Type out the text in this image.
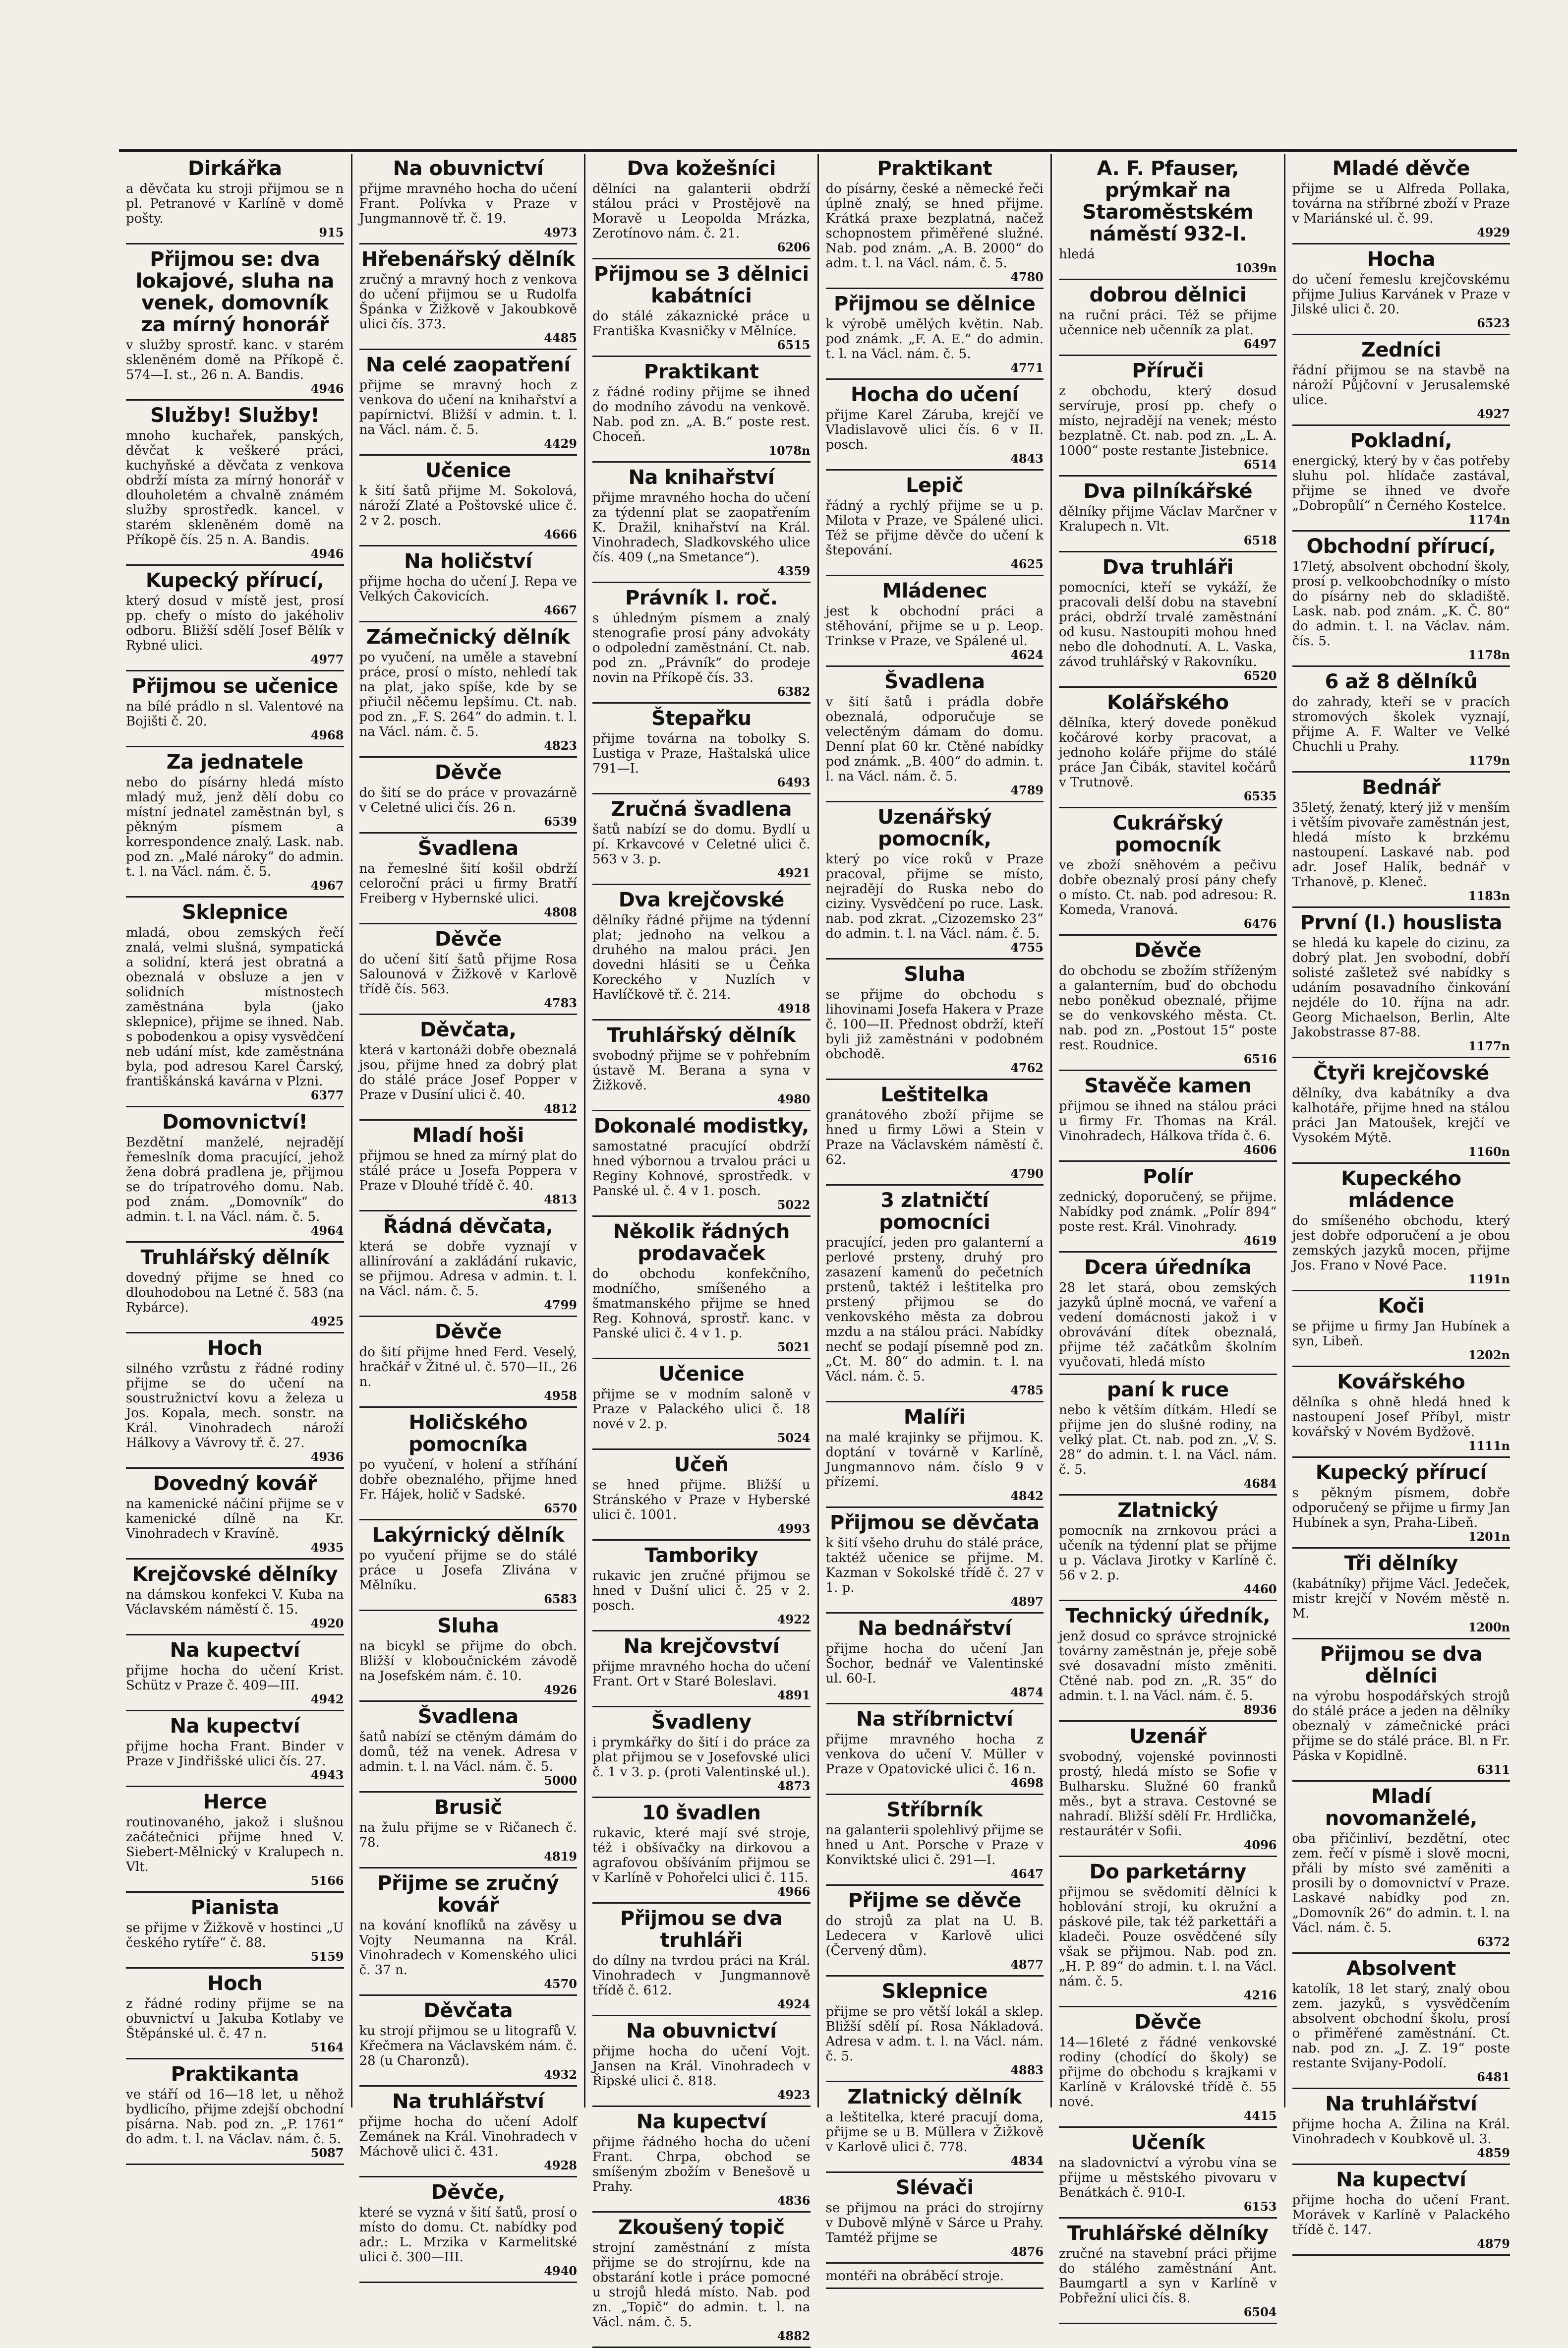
Dirkářka
a děvčata ku stroji přijmou se n pl. Petranové v Karlíně v domě pošty.
915
Přijmou se: dva lokajové, sluha na venek, domovník za mírný honorář
v služby sprostř. kanc. v starém skleněném domě na Příkopě č. 574—I. st., 26 n. A. Bandis.
4946
Služby! Služby!
mnoho kuchařek, panských, děvčat k veškeré práci, kuchyňské a děvčata z venkova obdrží místa za mírný honorář v dlouholetém a chvalně známém služby sprostředk. kancel. v starém skleněném domě na Příkopě čís. 25 n. A. Bandis.
4946
Kupecký přírucí,
který dosud v místě jest, prosí pp. chefy o místo do jakéholiv odboru. Bližší sdělí Josef Bělík v Rybné ulici.
4977
Přijmou se učenice
na bílé prádlo n sl. Valentové na Bojišti č. 20.
4968
Za jednatele
nebo do písárny hledá místo mladý muž, jenž dělí dobu co místní jednatel zaměstnán byl, s pěkným písmem a korrespondence znalý. Lask. nab. pod zn. „Malé nároky“ do admin. t. l. na Václ. nám. č. 5.
4967
Sklepnice
mladá, obou zemských řečí znalá, velmi slušná, sympatická a solidní, která jest obratná a obeznalá v obsluze a jen v solidních místnostech zaměstnána byla (jako sklepnice), přijme se ihned. Nab. s pobodenkou a opisy vysvědčení neb udání míst, kde zaměstnána byla, pod adresou Karel Čarský, františkánská kavárna v Plzni.
6377
Domovnictví!
Bezdětní manželé, nejradějí řemeslník doma pracující, jehož žena dobrá pradlena je, přijmou se do trípatrového domu. Nab. pod znám. „Domovník“ do admin. t. l. na Václ. nám. č. 5.
4964
Truhlářský dělník
dovedný přijme se hned co dlouhodobou na Letné č. 583 (na Rybárce).
4925
Hoch
silného vzrůstu z řádné rodiny přijme se do učení na soustružnictví kovu a železa u Jos. Kopala, mech. sonstr. na Král. Vinohradech nároží Hálkovy a Vávrovy tř. č. 27.
4936
Dovedný kovář
na kamenické náčiní přijme se v kamenické dílně na Kr. Vinohradech v Kravíně.
4935
Krejčovské dělníky
na dámskou konfekci V. Kuba na Václavském náměstí č. 15.
4920
Na kupectví
přijme hocha do učení Krist. Schütz v Praze č. 409—III.
4942
Na kupectví
přijme hocha Frant. Binder v Praze v Jindřišské ulici čís. 27.
4943
Herce
routinovaného, jakož i slušnou začátečnici přijme hned V. Siebert-Mělnický v Kralupech n. Vlt.
5166
Pianista
se přijme v Žižkově v hostinci „U českého rytíře“ č. 88.
5159
Hoch
z řádné rodiny přijme se na obuvnictví u Jakuba Kotlaby ve Štěpánské ul. č. 47 n.
5164
Praktikanta
ve stáří od 16—18 let, u něhož bydlicího, přijme zdejší obchodní písárna. Nab. pod zn. „P. 1761“ do adm. t. l. na Václav. nám. č. 5.
5087
Na obuvnictví
přijme mravného hocha do učení Frant. Polívka v Praze v Jungmannově tř. č. 19.
4973
Hřebenářský dělník
zručný a mravný hoch z venkova do učení přijmou se u Rudolfa Špánka v Žižkově v Jakoubkově ulici čís. 373.
4485
Na celé zaopatření
přijme se mravný hoch z venkova do učení na knihařství a papírnictví. Bližší v admin. t. l. na Václ. nám. č. 5.
4429
Učenice
k šití šatů přijme M. Sokolová, nároží Zlaté a Poštovské ulice č. 2 v 2. posch.
4666
Na holičství
přijme hocha do učení J. Repa ve Velkých Čakovicích.
4667
Zámečnický dělník
po vyučení, na uměle a stavební práce, prosí o místo, nehledí tak na plat, jako spíše, kde by se přiučil něčemu lepšímu. Ct. nab. pod zn. „F. S. 264“ do admin. t. l. na Václ. nám. č. 5.
4823
Děvče
do šití se do práce v provazárně v Celetné ulici čís. 26 n.
6539
Švadlena
na řemeslné šití košil obdrží celoroční práci u firmy Bratří Freiberg v Hybernské ulici.
4808
Děvče
do učení šití šatů přijme Rosa Salounová v Žižkově v Karlově třídě čís. 563.
4783
Děvčata,
která v kartonáži dobře obeznalá jsou, přijme hned za dobrý plat do stálé práce Josef Popper v Praze v Dusíní ulici č. 40.
4812
Mladí hoši
přijmou se hned za mírný plat do stálé práce u Josefa Poppera v Praze v Dlouhé třídě č. 40.
4813
Řádná děvčata,
která se dobře vyznají v allinírování a zakládání rukavic, se přijmou. Adresa v admin. t. l. na Václ. nám. č. 5.
4799
Děvče
do šití přijme hned Ferd. Veselý, hračkář v Žitné ul. č. 570—II., 26 n.
4958
Holičského pomocníka
po vyučení, v holení a stříhání dobře obeznalého, přijme hned Fr. Hájek, holič v Sadské.
6570
Lakýrnický dělník
po vyučení přijme se do stálé práce u Josefa Zlivána v Mělníku.
6583
Sluha
na bicykl se přijme do obch. Bližší v kloboučnickém závodě na Josefském nám. č. 10.
4926
Švadlena
šatů nabízí se ctěným dámám do domů, též na venek. Adresa v admin. t. l. na Václ. nám. č. 5.
5000
Brusič
na žulu přijme se v Ričanech č. 78.
4819
Přijme se zručný kovář
na kování knoflíků na závěsy u Vojty Neumanna na Král. Vinohradech v Komenského ulici č. 37 n.
4570
Děvčata
ku strojí přijmou se u litografů V. Křečmera na Václavském nám. č. 28 (u Charonzů).
4932
Na truhlářství
přijme hocha do učení Adolf Zemánek na Král. Vinohradech v Máchově ulici č. 431.
4928
Děvče,
které se vyzná v šití šatů, prosí o místo do domu. Ct. nabídky pod adr.: L. Mrzika v Karmelitské ulici č. 300—III.
4940
Dva kožešníci
dělníci na galanterii obdrží stálou práci v Prostějově na Moravě u Leopolda Mrázka, Zerotínovo nám. č. 21.
6206
Přijmou se 3 dělnici kabátníci
do stálé zákaznické práce u Františka Kvasničky v Mělníce.
6515
Praktikant
z řádné rodiny přijme se ihned do modního závodu na venkově. Nab. pod zn. „A. B.“ poste rest. Choceň.
1078n
Na knihařství
přijme mravného hocha do učení za týdenní plat se zaopatřením K. Dražil, knihařství na Král. Vinohradech, Sladkovského ulice čís. 409 („na Smetance“).
4359
Právník I. roč.
s úhledným písmem a znalý stenografie prosí pány advokáty o odpolední zaměstnání. Ct. nab. pod zn. „Právník“ do prodeje novin na Příkopě čís. 33.
6382
Štepařku
přijme továrna na tobolky S. Lustiga v Praze, Haštalská ulice 791—I.
6493
Zručná švadlena
šatů nabízí se do domu. Bydlí u pí. Krkavcové v Celetné ulici č. 563 v 3. p.
4921
Dva krejčovské
dělníky řádné přijme na týdenní plat; jednoho na velkou a druhého na malou práci. Jen dovedni hlásiti se u Čeňka Koreckého v Nuzlích v Havlíčkově tř. č. 214.
4918
Truhlářský dělník
svobodný přijme se v pohřebním ústavě M. Berana a syna v Žižkově.
4980
Dokonalé modistky,
samostatné pracující obdrží hned výbornou a trvalou práci u Reginy Kohnové, sprostředk. v Panské ul. č. 4 v 1. posch.
5022
Několik řádných prodavaček
do obchodu konfekčního, modníčho, smíšeného a šmatmanského přijme se hned Reg. Kohnová, sprostř. kanc. v Panské ulici č. 4 v 1. p.
5021
Učenice
přijme se v modním saloně v Praze v Palackého ulici č. 18 nové v 2. p.
5024
Učeň
se hned přijme. Bližší u Stránského v Praze v Hyberské ulici č. 1001.
4993
Tamboriky
rukavic jen zručné přijmou se hned v Dušní ulici č. 25 v 2. posch.
4922
Na krejčovství
přijme mravného hocha do učení Frant. Ort v Staré Boleslavi.
4891
Švadleny
i prymkářky do šití i do práce za plat přijmou se v Josefovské ulici č. 1 v 3. p. (proti Valentinské ul.).
4873
10 švadlen
rukavic, které mají své stroje, též i obšívačky na dirkovou a agrafovou obšíváním přijmou se v Karlíně v Pohořelci ulici č. 115.
4966
Přijmou se dva truhláři
do dílny na tvrdou práci na Král. Vinohradech v Jungmannově třídě č. 612.
4924
Na obuvnictví
přijme hocha do učení Vojt. Jansen na Král. Vinohradech v Řipské ulici č. 818.
4923
Na kupectví
přijme řádného hocha do učení Frant. Chrpa, obchod se smíšeným zbožím v Benešově u Prahy.
4836
Zkoušený topič
strojní zaměstnání z místa přijme se do strojírnu, kde na obstarání kotle i práce pomocné u strojů hledá místo. Nab. pod zn. „Topič“ do admin. t. l. na Václ. nám. č. 5.
4882
Praktikant
do písárny, české a německé řeči úplně znalý, se hned přijme. Krátká praxe bezplatná, načež schopnostem přiměřené služné. Nab. pod znám. „A. B. 2000“ do adm. t. l. na Václ. nám. č. 5.
4780
Přijmou se dělnice
k výrobě umělých květin. Nab. pod známk. „F. A. E.“ do admin. t. l. na Václ. nám. č. 5.
4771
Hocha do učení
přijme Karel Záruba, krejčí ve Vladislavově ulici čís. 6 v II. posch.
4843
Lepič
řádný a rychlý přijme se u p. Milota v Praze, ve Spálené ulici. Též se přijme děvče do učení k štepování.
4625
Mládenec
jest k obchodní práci a stěhování, přijme se u p. Leop. Trinkse v Praze, ve Spálené ul.
4624
Švadlena
v šití šatů i prádla dobře obeznalá, odporučuje se velectěným dámam do domu. Denní plat 60 kr. Ctěné nabídky pod známk. „B. 400“ do admin. t. l. na Václ. nám. č. 5.
4789
Uzenářský pomocník,
který po více roků v Praze pracoval, přijme se místo, nejradějí do Ruska nebo do ciziny. Vysvědčení po ruce. Lask. nab. pod zkrat. „Cizozemsko 23“ do admin. t. l. na Václ. nám. č. 5.
4755
Sluha
se přijme do obchodu s lihovinami Josefa Hakera v Praze č. 100—II. Přednost obdrží, kteří byli již zaměstnáni v podobném obchodě.
4762
Leštitelka
granátového zboží přijme se hned u firmy Löwi a Stein v Praze na Václavském náměstí č. 62.
4790
3 zlatničtí pomocníci
pracující, jeden pro galanterní a perlové prsteny, druhý pro zasazení kamenů do pečetních prstenů, taktéž i leštitelka pro prstený přijmou se do venkovského města za dobrou mzdu a na stálou práci. Nabídky nechť se podají písemně pod zn. „Ct. M. 80“ do admin. t. l. na Václ. nám. č. 5.
4785
Malíři
na malé krajinky se přijmou. K. doptání v továrně v Karlíně, Jungmannovo nám. číslo 9 v přízemí.
4842
Přijmou se děvčata
k šití všeho druhu do stálé práce, taktéž učenice se přijme. M. Kazman v Sokolské třídě č. 27 v 1. p.
4897
Na bednářství
přijme hocha do učení Jan Šochor, bednář ve Valentinské ul. 60-I.
4874
Na stříbrnictví
přijme mravného hocha z venkova do učení V. Müller v Praze v Opatovické ulici č. 16 n.
4698
Stříbrník
na galanterii spolehlivý přijme se hned u Ant. Porsche v Praze v Konviktské ulici č. 291—I.
4647
Přijme se děvče
do strojů za plat na U. B. Ledecera v Karlově ulici (Červený dům).
4877
Sklepnice
přijme se pro větší lokál a sklep. Bližší sdělí pí. Rosa Nákladová. Adresa v adm. t. l. na Václ. nám. č. 5.
4883
Zlatnický dělník
a leštitelka, které pracují doma, přijme se u B. Müllera v Žižkově v Karlově ulici č. 778.
4834
Slévači
se přijmou na práci do strojírny v Dubově mlýně v Sárce u Prahy. Tamtéž přijme se
4876
montéři na obráběcí stroje.
A. F. Pfauser, prýmkař na Staroměstském náměstí 932-I.
hledá
1039n
dobrou dělnici
na ruční práci. Též se přijme učennice neb učenník za plat.
6497
Příruči
z obchodu, který dosud servíruje, prosí pp. chefy o místo, nejradějí na venek; mésto bezplatně. Ct. nab. pod zn. „L. A. 1000“ poste restante Jistebnice.
6514
Dva pilníkářské
dělníky přijme Václav Marčner v Kralupech n. Vlt.
6518
Dva truhláři
pomocníci, kteří se vykáží, že pracovali delší dobu na stavební práci, obdrží trvalé zaměstnání od kusu. Nastoupiti mohou hned nebo dle dohodnutí. A. L. Vaska, závod truhlářský v Rakovníku.
6520
Kolářského
dělníka, který dovede poněkud kočárové korby pracovat, a jednoho koláře přijme do stálé práce Jan Čibák, stavitel kočárů v Trutnově.
6535
Cukrářský pomocník
ve zboží sněhovém a pečivu dobře obeznalý prosí pány chefy o místo. Ct. nab. pod adresou: R. Komeda, Vranová.
6476
Děvče
do obchodu se zbožím stříženým a galanterním, buď do obchodu nebo poněkud obeznalé, přijme se do venkovského města. Ct. nab. pod zn. „Postout 15“ poste rest. Roudnice.
6516
Stavěče kamen
přijmou se ihned na stálou práci u firmy Fr. Thomas na Král. Vinohradech, Hálkova třída č. 6.
4606
Polír
zednický, doporučený, se přijme. Nabídky pod známk. „Polír 894“ poste rest. Král. Vinohrady.
4619
Dcera úředníka
28 let stará, obou zemských jazyků úplně mocná, ve vaření a vedení domácnosti jakož i v obrovávání dítek obeznalá, přijme též začátkům školním vyučovati, hledá místo
paní k ruce
nebo k větším dítkám. Hledí se přijme jen do slušné rodiny, na velký plat. Ct. nab. pod zn. „V. S. 28“ do admin. t. l. na Václ. nám. č. 5.
4684
Zlatnický
pomocník na zrnkovou práci a učeník na týdenní plat se přijme u p. Václava Jirotky v Karlíně č. 56 v 2. p.
4460
Technický úředník,
jenž dosud co správce strojnické továrny zaměstnán je, přeje sobě své dosavadní místo změniti. Ctěné nab. pod zn. „R. 35“ do admin. t. l. na Václ. nám. č. 5.
8936
Uzenář
svobodný, vojenské povinnosti prostý, hledá místo se Sofie v Bulharsku. Služné 60 franků měs., byt a strava. Cestovné se nahradí. Bližší sdělí Fr. Hrdlička, restaurátér v Sofii.
4096
Do parketárny
přijmou se svědomití dělníci k hoblování strojí, ku okružní a páskové pile, tak též parkettáři a kladeči. Pouze osvědčené síly však se přijmou. Nab. pod zn. „H. P. 89“ do admin. t. l. na Václ. nám. č. 5.
4216
Děvče
14—16leté z řádné venkovské rodiny (chodící do školy) se přijme do obchodu s krajkami v Karlíně v Královské třídě č. 55 nové.
4415
Učeník
na sladovnictví a výrobu vína se přijme u městského pivovaru v Benátkách č. 910-I.
6153
Truhlářské dělníky
zručné na stavební práci přijme do stálého zaměstnání Ant. Baumgartl a syn v Karlíně v Pobřežní ulici čís. 8.
6504
Mladé děvče
přijme se u Alfreda Pollaka, továrna na stříbrné zboží v Praze v Mariánské ul. č. 99.
4929
Hocha
do učení řemeslu krejčovskému přijme Julius Karvánek v Praze v Jilské ulici č. 20.
6523
Zedníci
řádní přijmou se na stavbě na nároží Půjčovní v Jerusalemské ulice.
4927
Pokladní,
energický, který by v čas potřeby sluhu pol. hlídače zastával, přijme se ihned ve dvoře „Dobropůlí“ n Černého Kostelce.
1174n
Obchodní přírucí,
17letý, absolvent obchodní školy, prosí p. velkoobchodníky o místo do písárny neb do skladiště. Lask. nab. pod znám. „K. Č. 80“ do admin. t. l. na Václav. nám. čís. 5.
1178n
6 až 8 dělníků
do zahrady, kteří se v pracích stromových školek vyznají, přijme A. F. Walter ve Velké Chuchli u Prahy.
1179n
Bednář
35letý, ženatý, který již v menším i větším pivovaře zaměstnán jest, hledá místo k brzkému nastoupení. Laskavé nab. pod adr. Josef Halík, bednář v Trhanově, p. Kleneč.
1183n
První (I.) houslista
se hledá ku kapele do cizinu, za dobrý plat. Jen svobodní, dobří solisté zašletež své nabídky s udáním posavadního činkování nejdéle do 10. října na adr. Georg Michaelson, Berlin, Alte Jakobstrasse 87-88.
1177n
Čtyři krejčovské
dělníky, dva kabátníky a dva kalhotáře, přijme hned na stálou práci Jan Matoušek, krejčí ve Vysokém Mýtě.
1160n
Kupeckého mládence
do smíšeného obchodu, který jest dobře odporučení a je obou zemských jazyků mocen, přijme Jos. Frano v Nové Pace.
1191n
Koči
se přijme u firmy Jan Hubínek a syn, Libeň.
1202n
Kovářského
dělníka s ohně hledá hned k nastoupení Josef Příbyl, mistr kovářský v Novém Bydžově.
1111n
Kupecký přírucí
s pěkným písmem, dobře odporučený se přijme u firmy Jan Hubínek a syn, Praha-Libeň.
1201n
Tři dělníky
(kabátníky) přijme Václ. Jedeček, mistr krejčí v Novém městě n. M.
1200n
Přijmou se dva dělníci
na výrobu hospodářských strojů do stálé práce a jeden na dělníky obeznalý v zámečnické práci přijme se do stálé práce. Bl. n Fr. Páska v Kopidlně.
6311
Mladí novomanželé,
oba přičinliví, bezdětní, otec zem. řečí v písmě i slově mocni, přáli by místo své zaměniti a prosili by o domovnictví v Praze. Laskavé nabídky pod zn. „Domovník 26“ do admin. t. l. na Václ. nám. č. 5.
6372
Absolvent
katolík, 18 let starý, znalý obou zem. jazyků, s vysvědčením absolvent obchodní školu, prosí o přiměřené zaměstnání. Ct. nab. pod zn. „J. Z. 19“ poste restante Svijany-Podolí.
6481
Na truhlářství
přijme hocha A. Žilina na Král. Vinohradech v Koubkově ul. 3.
4859
Na kupectví
přijme hocha do učení Frant. Morávek v Karlíně v Palackého třídě č. 147.
4879
